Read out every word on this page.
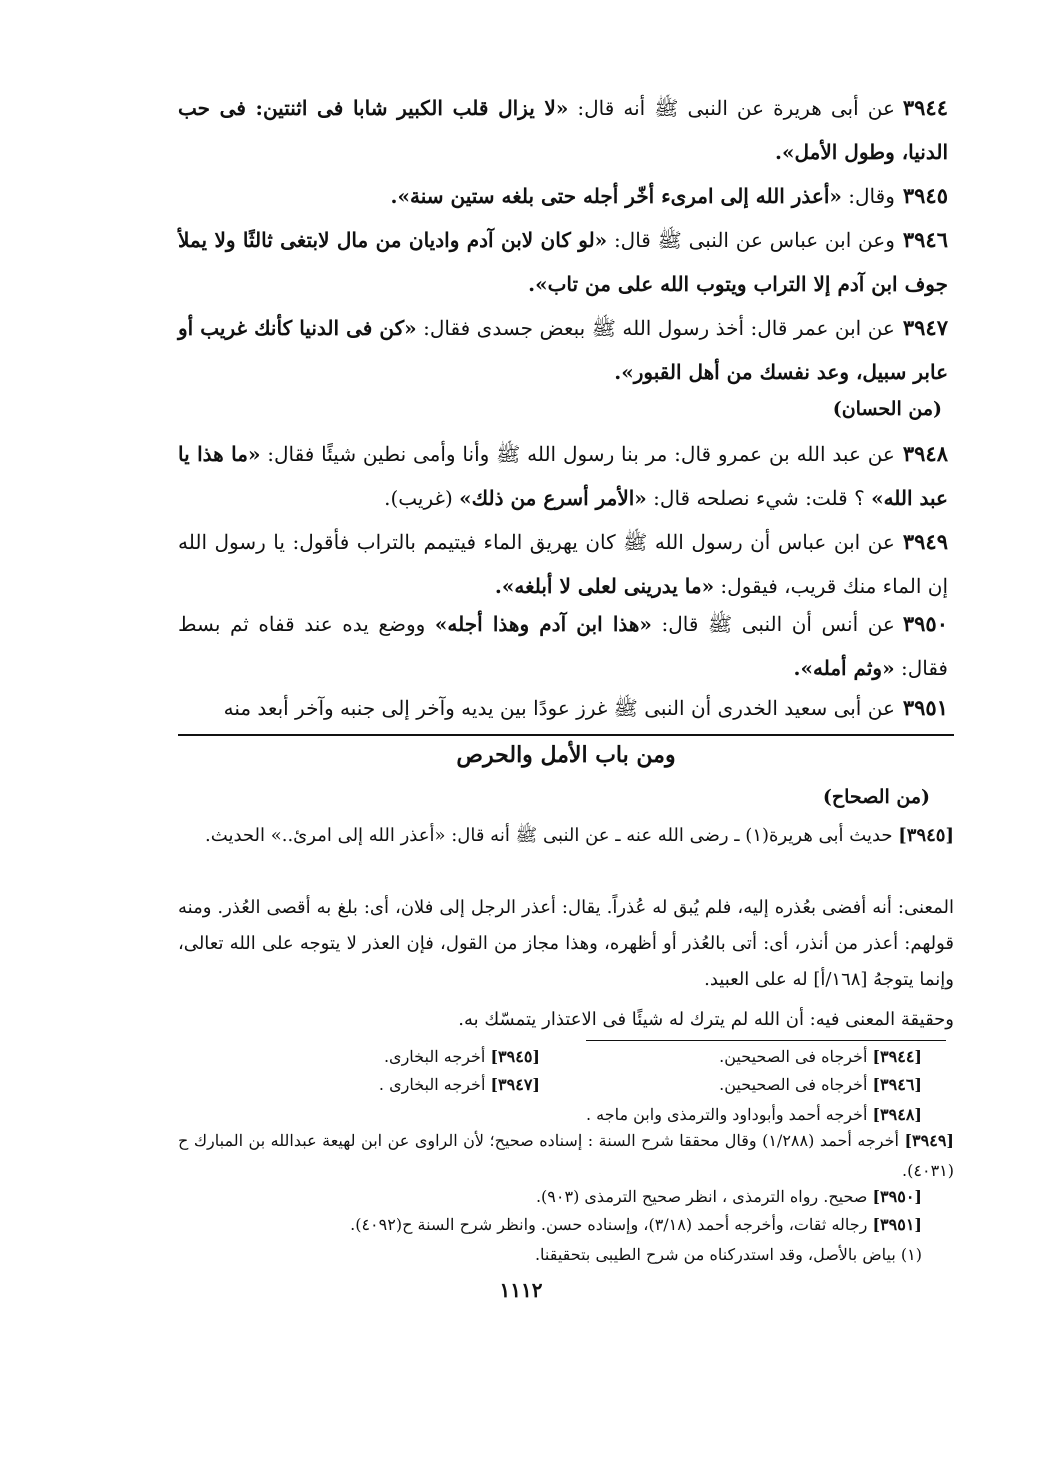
٣٩٤٤عن أبى هريرة عن النبى ﷺ أنه قال: «لا يزال قلب الكبير شابا فى اثنتين: فى حب الدنيا، وطول الأمل».
٣٩٤٥وقال: «أعذر الله إلى امرىء أخّر أجله حتى بلغه ستين سنة».
٣٩٤٦وعن ابن عباس عن النبى ﷺ قال: «لو كان لابن آدم واديان من مال لابتغى ثالثًا ولا يملأ جوف ابن آدم إلا التراب ويتوب الله على من تاب».
٣٩٤٧عن ابن عمر قال: أخذ رسول الله ﷺ ببعض جسدى فقال: «كن فى الدنيا كأنك غريب أو عابر سبيل، وعد نفسك من أهل القبور».
(من الحسان)
٣٩٤٨عن عبد الله بن عمرو قال: مر بنا رسول الله ﷺ وأنا وأمى نطين شيئًا فقال: «ما هذا يا عبد الله» ؟ قلت: شيء نصلحه قال: «الأمر أسرع من ذلك» (غريب).
٣٩٤٩عن ابن عباس أن رسول الله ﷺ كان يهريق الماء فيتيمم بالتراب فأقول: يا رسول الله إن الماء منك قريب، فيقول: «ما يدرينى لعلى لا أبلغه».
٣٩٥٠عن أنس أن النبى ﷺ قال: «هذا ابن آدم وهذا أجله» ووضع يده عند قفاه ثم بسط فقال: «وثم أمله».
٣٩٥١عن أبى سعيد الخدرى أن النبى ﷺ غرز عودًا بين يديه وآخر إلى جنبه وآخر أبعد منه
ومن باب الأمل والحرص
(من الصحاح)
[٣٩٤٥] حديث أبى هريرة(١) ـ رضى الله عنه ـ عن النبى ﷺ أنه قال: «أعذر الله إلى امرئ..» الحديث.
المعنى: أنه أفضى بعُذره إليه، فلم يُبق له عُذراً. يقال: أعذر الرجل إلى فلان، أى: بلغ به أقصى العُذر. ومنه قولهم: أعذر من أنذر، أى: أتى بالعُذر أو أظهره، وهذا مجاز من القول، فإن العذر لا يتوجه على الله تعالى، وإنما يتوجهُ [١٦٨/أ] له على العبيد.
وحقيقة المعنى فيه: أن الله لم يترك له شيئًا فى الاعتذار يتمسّك به.
[٣٩٤٤] أخرجاه فى الصحيحين.
[٣٩٤٥] أخرجه البخارى.
[٣٩٤٦] أخرجاه فى الصحيحين.
[٣٩٤٧] أخرجه البخارى .
[٣٩٤٨] أخرجه أحمد وأبوداود والترمذى وابن ماجه .
[٣٩٤٩] أخرجه أحمد (١/٢٨٨) وقال محققا شرح السنة : إسناده صحيح؛ لأن الراوى عن ابن لهيعة عبدالله بن المبارك ح (٤٠٣١).
[٣٩٥٠] صحيح. رواه الترمذى ، انظر صحيح الترمذى (٩٠٣).
[٣٩٥١] رجاله ثقات، وأخرجه أحمد (٣/١٨)، وإسناده حسن. وانظر شرح السنة ح(٤٠٩٢).
(١) بياض بالأصل، وقد استدركناه من شرح الطيبى بتحقيقنا.
١١١٢
